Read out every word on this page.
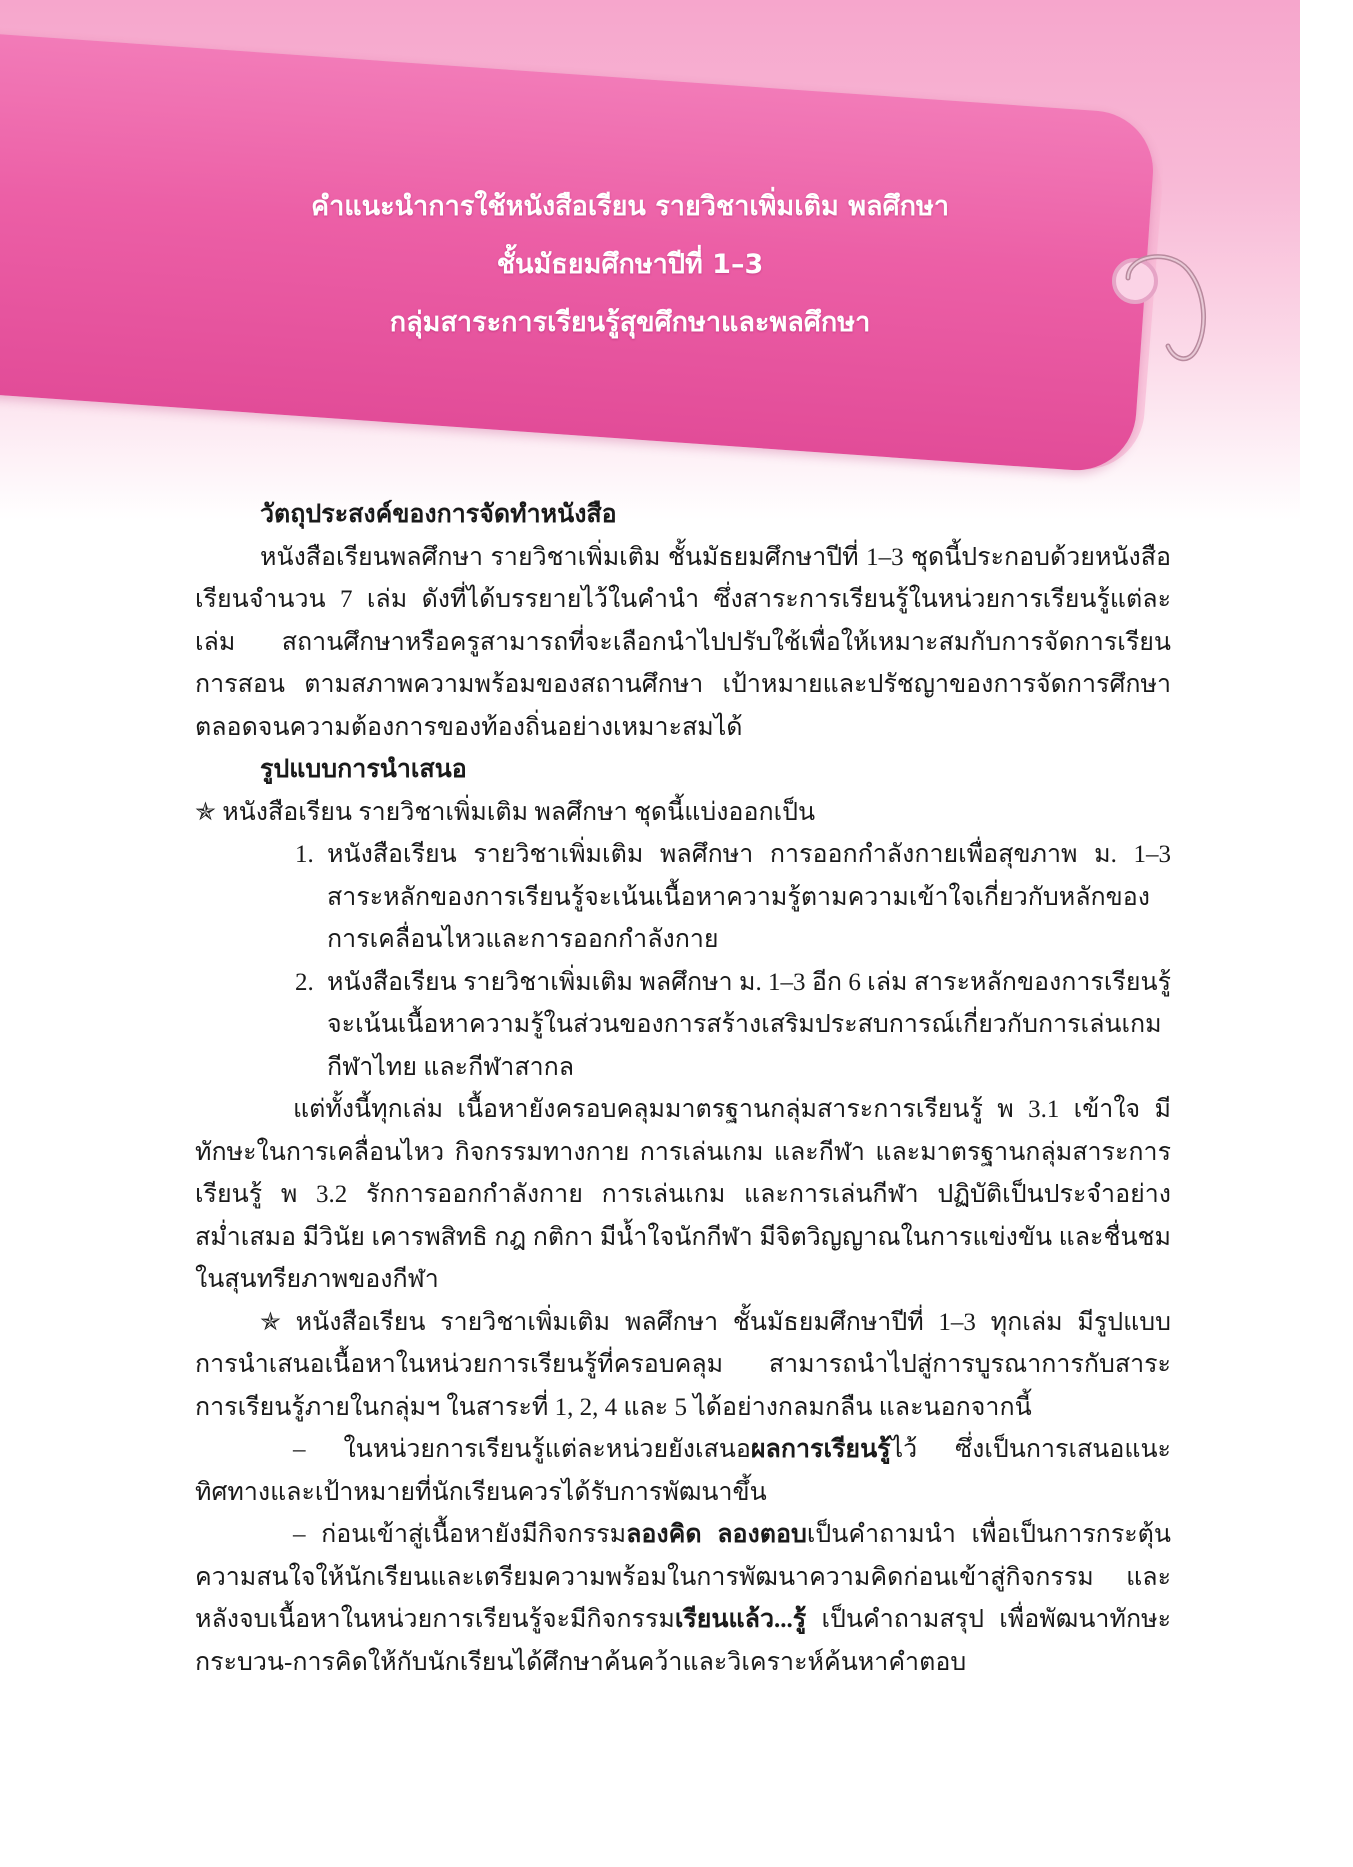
คำแนะนำการใช้หนังสือเรียน รายวิชาเพิ่มเติม พลศึกษา
ชั้นมัธยมศึกษาปีที่ 1–3
กลุ่มสาระการเรียนรู้สุขศึกษาและพลศึกษา

วัตถุประสงค์ของการจัดทำหนังสือ

หนังสือเรียนพลศึกษา รายวิชาเพิ่มเติม ชั้นมัธยมศึกษาปีที่ 1–3 ชุดนี้ประกอบด้วยหนังสือเรียนจำนวน 7 เล่ม ดังที่ได้บรรยายไว้ในคำนำ ซึ่งสาระการเรียนรู้ในหน่วยการเรียนรู้แต่ละเล่ม สถานศึกษาหรือครูสามารถที่จะเลือกนำไปปรับใช้เพื่อให้เหมาะสมกับการจัดการเรียนการสอน ตามสภาพความพร้อมของสถานศึกษา เป้าหมายและปรัชญาของการจัดการศึกษา ตลอดจนความต้องการของท้องถิ่นอย่างเหมาะสมได้

รูปแบบการนำเสนอ

✯ หนังสือเรียน รายวิชาเพิ่มเติม พลศึกษา ชุดนี้แบ่งออกเป็น

1. หนังสือเรียน รายวิชาเพิ่มเติม พลศึกษา การออกกำลังกายเพื่อสุขภาพ ม. 1–3 สาระหลักของการเรียนรู้จะเน้นเนื้อหาความรู้ตามความเข้าใจเกี่ยวกับหลักของการเคลื่อนไหวและการออกกำลังกาย
2. หนังสือเรียน รายวิชาเพิ่มเติม พลศึกษา ม. 1–3 อีก 6 เล่ม สาระหลักของการเรียนรู้จะเน้นเนื้อหาความรู้ในส่วนของการสร้างเสริมประสบการณ์เกี่ยวกับการเล่นเกม กีฬาไทย และกีฬาสากล

แต่ทั้งนี้ทุกเล่ม เนื้อหายังครอบคลุมมาตรฐานกลุ่มสาระการเรียนรู้ พ 3.1 เข้าใจ มีทักษะในการเคลื่อนไหว กิจกรรมทางกาย การเล่นเกม และกีฬา และมาตรฐานกลุ่มสาระการเรียนรู้ พ 3.2 รักการออกกำลังกาย การเล่นเกม และการเล่นกีฬา ปฏิบัติเป็นประจำอย่างสม่ำเสมอ มีวินัย เคารพสิทธิ กฎ กติกา มีน้ำใจนักกีฬา มีจิตวิญญาณในการแข่งขัน และชื่นชมในสุนทรียภาพของกีฬา

✯ หนังสือเรียน รายวิชาเพิ่มเติม พลศึกษา ชั้นมัธยมศึกษาปีที่ 1–3 ทุกเล่ม มีรูปแบบการนำเสนอเนื้อหาในหน่วยการเรียนรู้ที่ครอบคลุม สามารถนำไปสู่การบูรณาการกับสาระการเรียนรู้ภายในกลุ่มฯ ในสาระที่ 1, 2, 4 และ 5 ได้อย่างกลมกลืน และนอกจากนี้

– ในหน่วยการเรียนรู้แต่ละหน่วยยังเสนอผลการเรียนรู้ไว้ ซึ่งเป็นการเสนอแนะทิศทางและเป้าหมายที่นักเรียนควรได้รับการพัฒนาขึ้น

– ก่อนเข้าสู่เนื้อหายังมีกิจกรรมลองคิด ลองตอบเป็นคำถามนำ เพื่อเป็นการกระตุ้นความสนใจให้นักเรียนและเตรียมความพร้อมในการพัฒนาความคิดก่อนเข้าสู่กิจกรรม และหลังจบเนื้อหาในหน่วยการเรียนรู้จะมีกิจกรรมเรียนแล้ว...รู้ เป็นคำถามสรุป เพื่อพัฒนาทักษะกระบวน-การคิดให้กับนักเรียนได้ศึกษาค้นคว้าและวิเคราะห์ค้นหาคำตอบ
